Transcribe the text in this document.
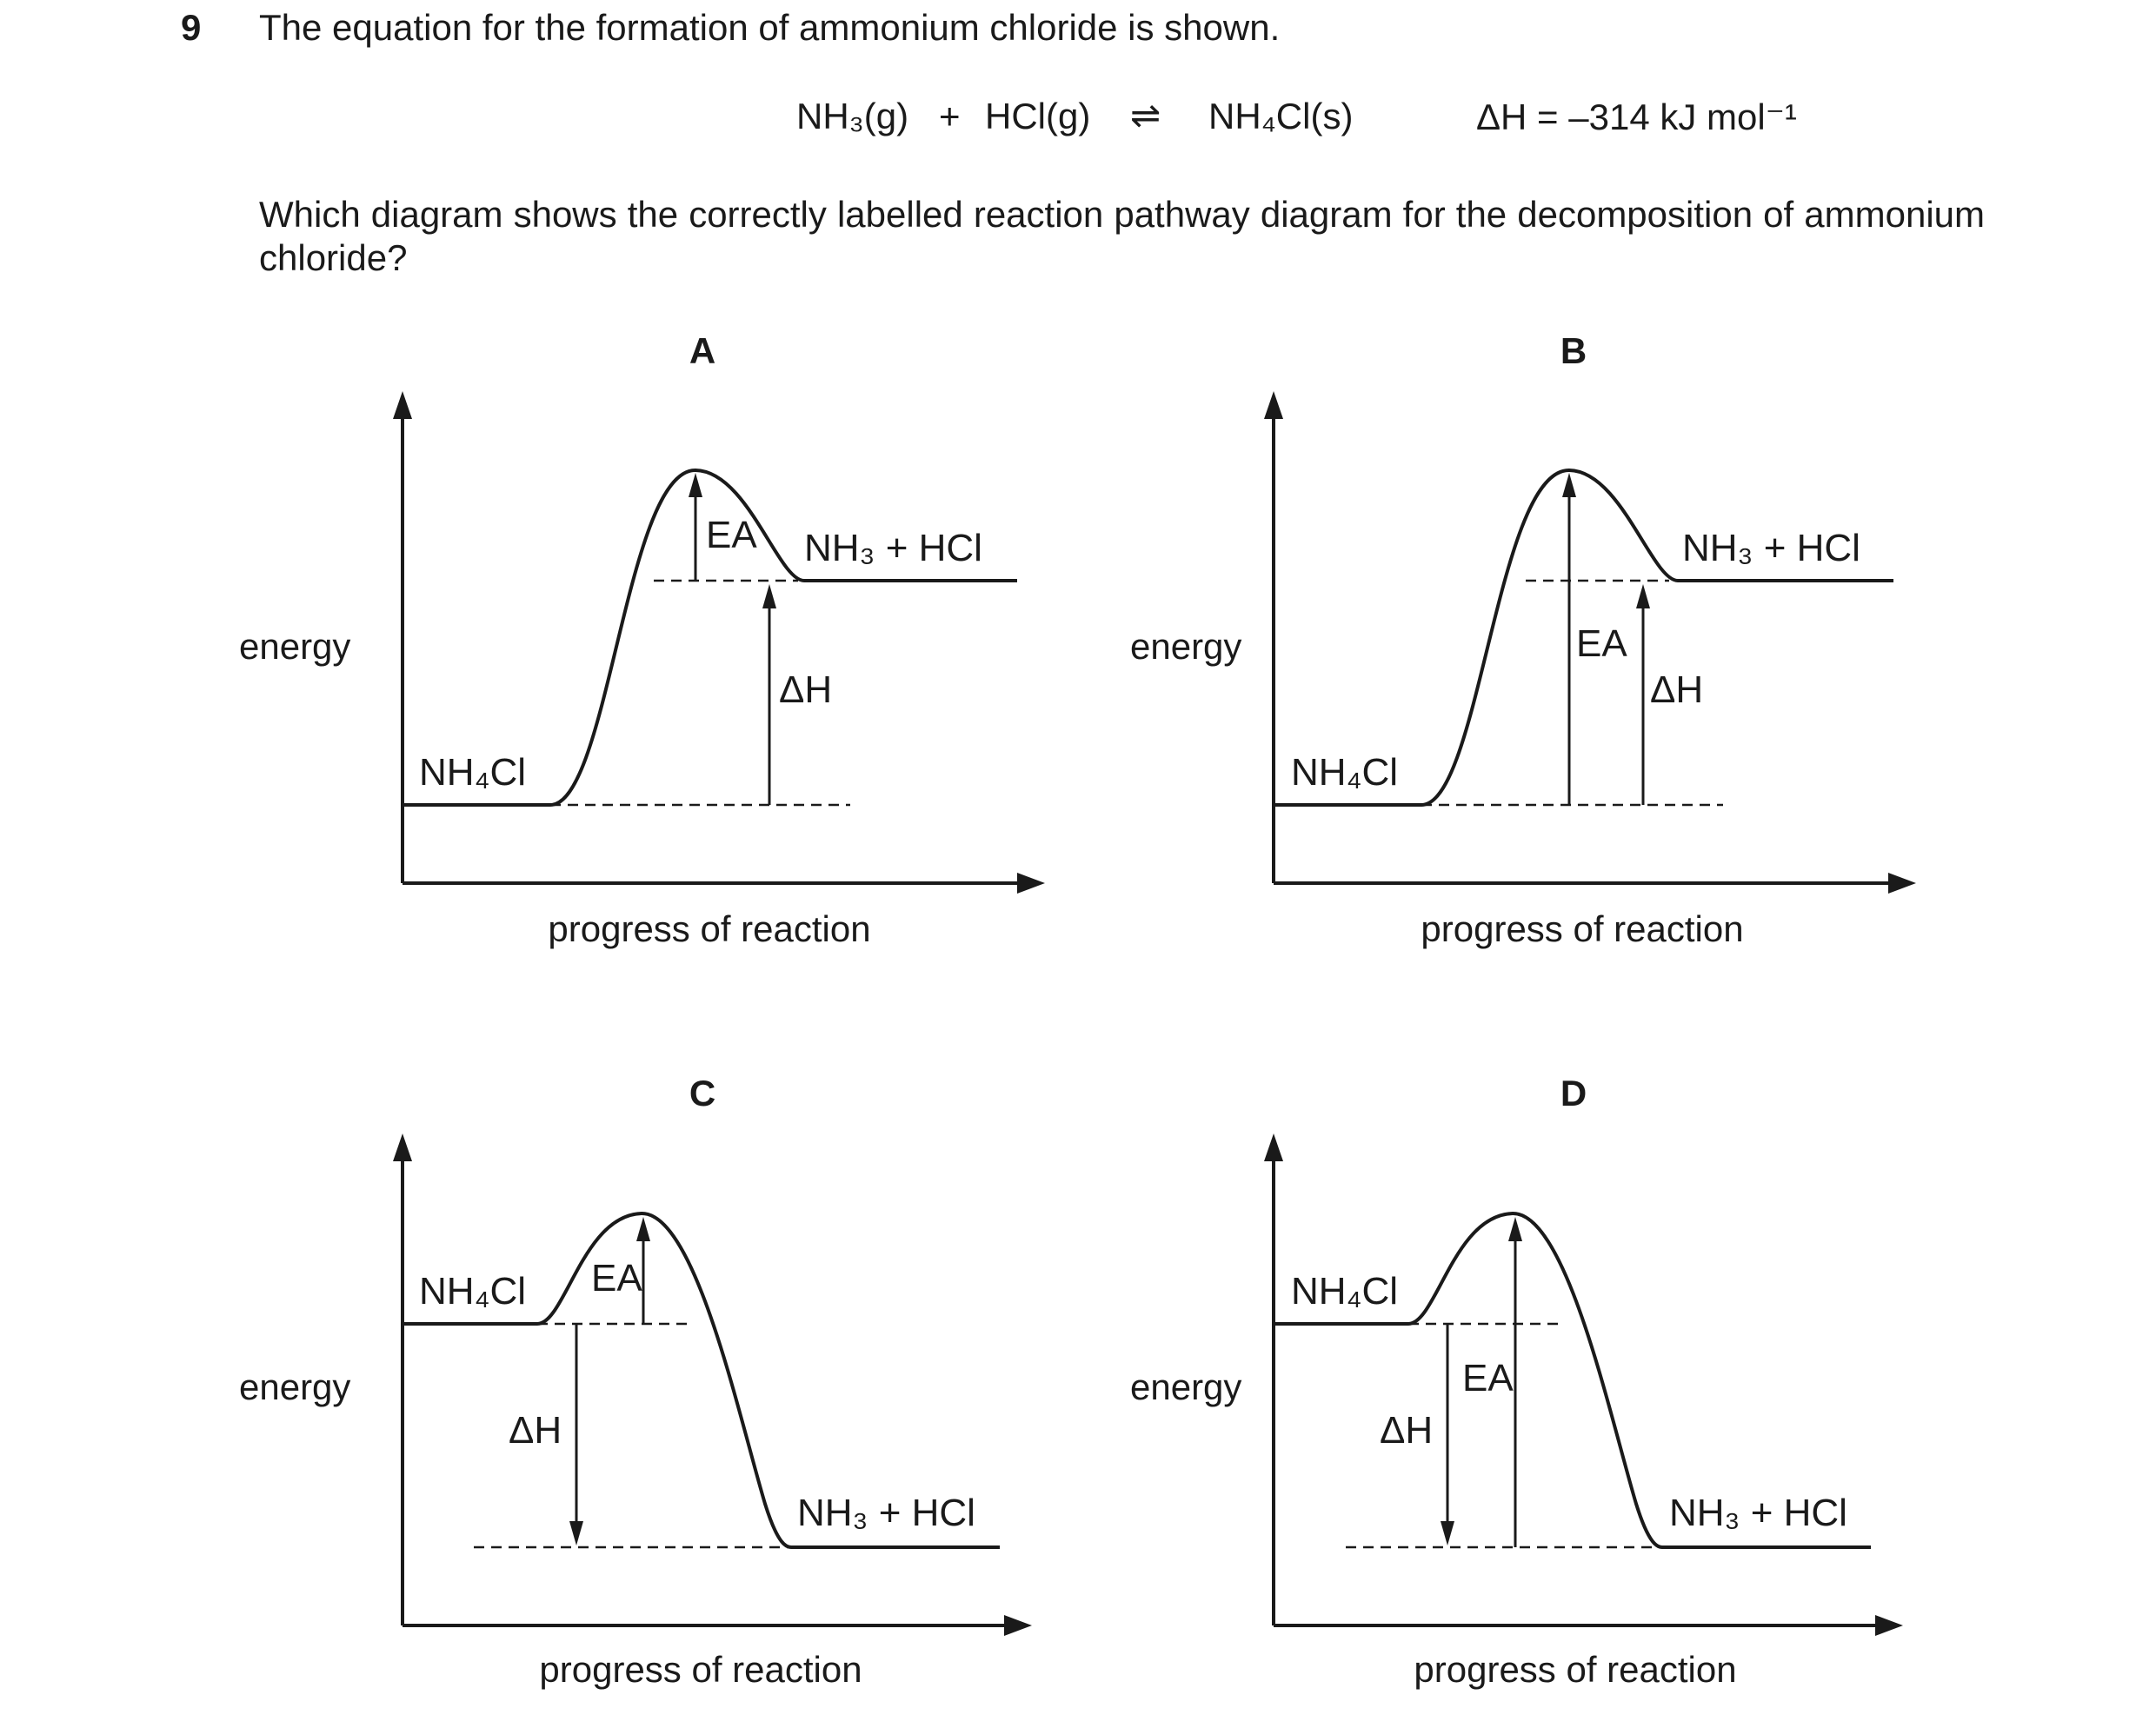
9 The equation for the formation of ammonium chloride is shown.
NH₃(g) + HCl(g) ⇌ NH₄Cl(s)	ΔH = –314 kJ mol⁻¹
Which diagram shows the correctly labelled reaction pathway diagram for the decomposition of ammonium chloride?
A
energy
progress of reaction
NH₄Cl
NH₃ + HCl
EA
ΔH
B
energy
progress of reaction
NH₄Cl
NH₃ + HCl
EA
ΔH
C
energy
progress of reaction
NH₄Cl
NH₃ + HCl
EA
ΔH
D
energy
progress of reaction
NH₄Cl
NH₃ + HCl
EA
ΔH
